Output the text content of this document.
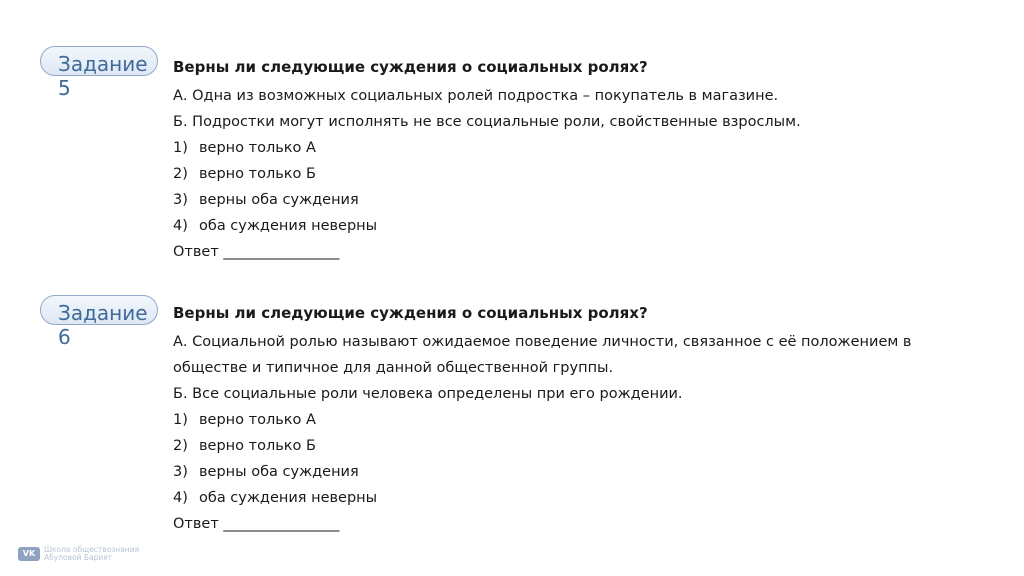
Задание 5

Верны ли следующие суждения о социальных ролях?

А. Одна из возможных социальных ролей подростка – покупатель в магазине.

Б. Подростки могут исполнять не все социальные роли, свойственные взрослым.

1) верно только А

2) верно только Б

3) верны оба суждения

4) оба суждения неверны

Ответ ________________

Задание 6

Верны ли следующие суждения о социальных ролях?

А. Социальной ролью называют ожидаемое поведение личности, связанное с её положением в

обществе и типичное для данной общественной группы.

Б. Все социальные роли человека определены при его рождении.

1) верно только А

2) верно только Б

3) верны оба суждения

4) оба суждения неверны

Ответ ________________

VK	Школа обществознания
Абуловой Барият
